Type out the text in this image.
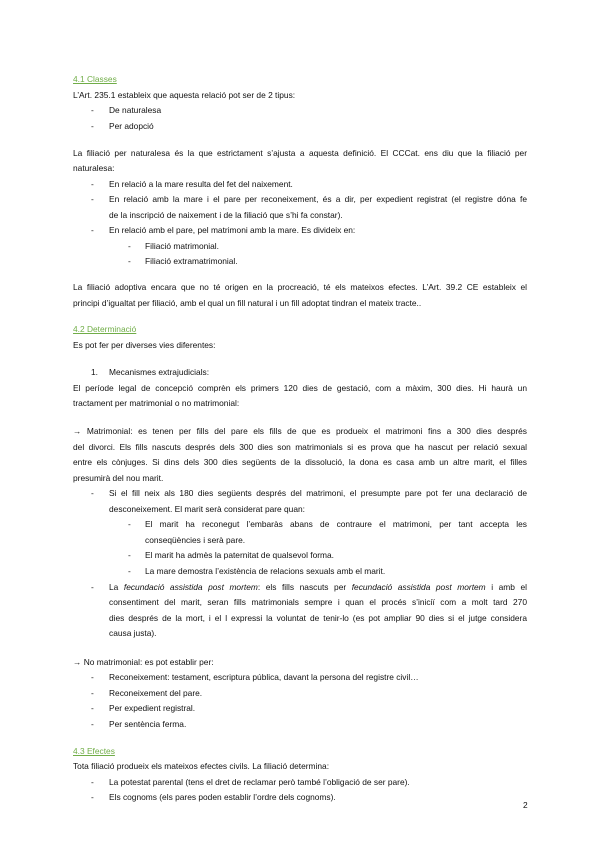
4.1 Classes

L’Art. 235.1 estableix que aquesta relació pot ser de 2 tipus:

- De naturalesa
- Per adopció

La filiació per naturalesa és la que estrictament s’ajusta a aquesta definició. El CCCat. ens diu que la filiació per

naturalesa:

- En relació a la mare resulta del fet del naixement.
- En relació amb la mare i el pare per reconeixement, és a dir, per expedient registrat (el registre dóna fe
de la inscripció de naixement i de la filiació que s’hi fa constar).
- En relació amb el pare, pel matrimoni amb la mare. Es divideix en:
- Filiació matrimonial.
- Filiació extramatrimonial.

La filiació adoptiva encara que no té origen en la procreació, té els mateixos efectes. L’Art. 39.2 CE estableix el

principi d’igualtat per filiació, amb el qual un fill natural i un fill adoptat tindran el mateix tracte..

4.2 Determinació

Es pot fer per diverses vies diferentes:

1. Mecanismes extrajudicials:

El període legal de concepció comprèn els primers 120 dies de gestació, com a màxim, 300 dies. Hi haurà un

tractament per matrimonial o no matrimonial:

→ Matrimonial: es tenen per fills del pare els fills de que es produeix el matrimoni fins a 300 dies després

del divorci. Els fills nascuts després dels 300 dies son matrimonials si es prova que ha nascut per relació sexual

entre els cònjuges. Si dins dels 300 dies següents de la dissolució, la dona es casa amb un altre marit, el filles

presumirà del nou marit.

- Si el fill neix als 180 dies següents després del matrimoni, el presumpte pare pot fer una declaració de
desconeixement. El marit serà considerat pare quan:
- El marit ha reconegut l’embaràs abans de contraure el matrimoni, per tant accepta les
conseqüències i serà pare.
- El marit ha admès la paternitat de qualsevol forma.
- La mare demostra l’existència de relacions sexuals amb el marit.
- La fecundació assistida post mortem: els fills nascuts per fecundació assistida post mortem i amb el
consentiment del marit, seran fills matrimonials sempre i quan el procés s’iniciï com a molt tard 270
dies després de la mort, i el l expressi la voluntat de tenir-lo (es pot ampliar 90 dies si el jutge considera
causa justa).

→ No matrimonial: es pot establir per:

- Reconeixement: testament, escriptura pública, davant la persona del registre civil…
- Reconeixement del pare.
- Per expedient registral.
- Per sentència ferma.

4.3 Efectes

Tota filiació produeix els mateixos efectes civils. La filiació determina:

- La potestat parental (tens el dret de reclamar però també l’obligació de ser pare).
- Els cognoms (els pares poden establir l’ordre dels cognoms).
2
